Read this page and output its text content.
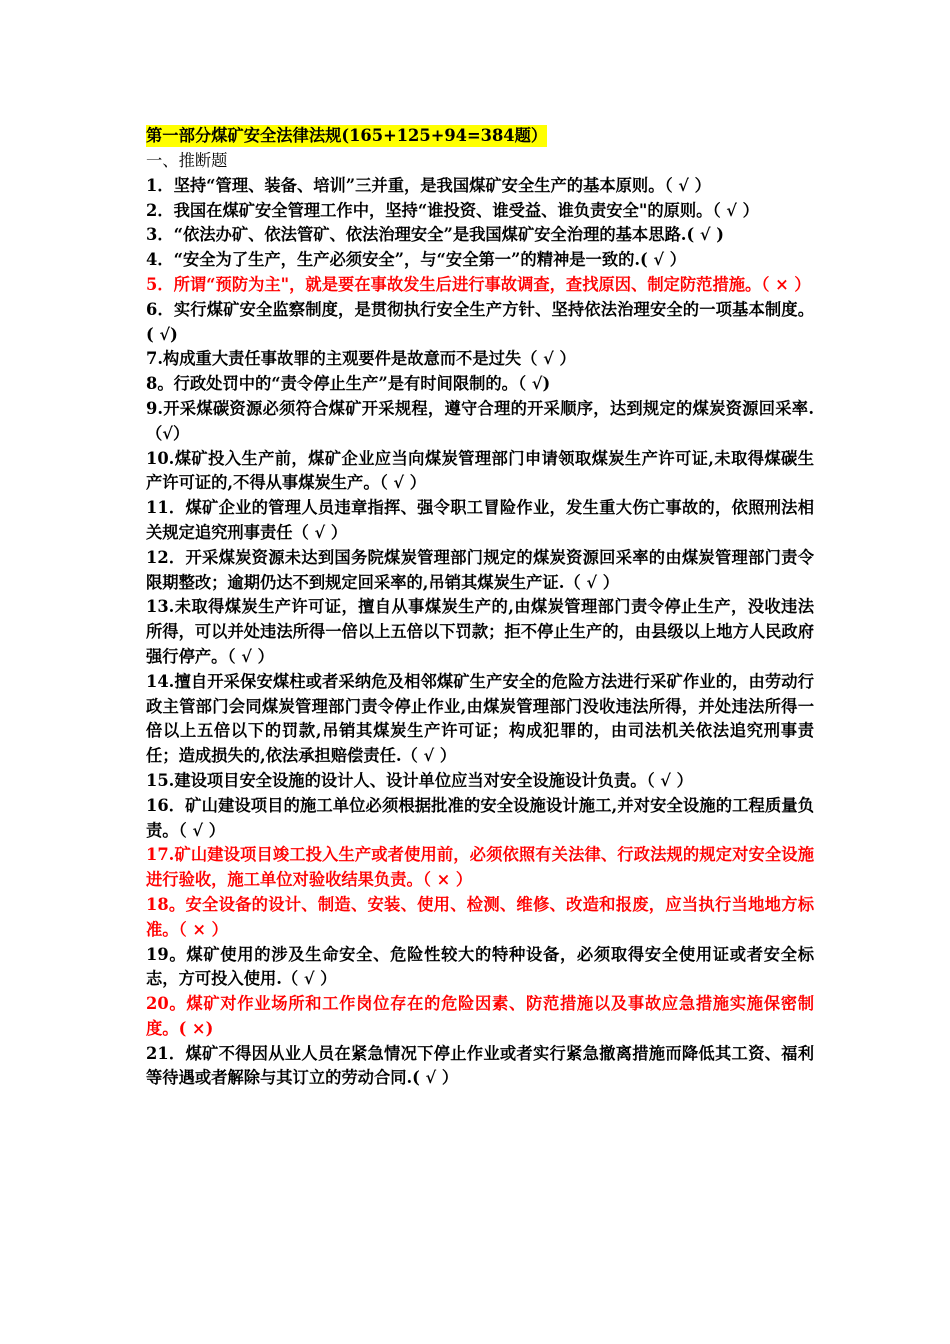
第一部分煤矿安全法律法规(165+125+94=384题）
一、推断题

1．坚持“管理、装备、培训”三并重，是我国煤矿安全生产的基本原则。（ √ ）

2．我国在煤矿安全管理工作中，坚持“谁投资、谁受益、谁负责安全"的原则。（ √ ）

3．“依法办矿、依法管矿、依法治理安全”是我国煤矿安全治理的基本思路.( √ )

4．“安全为了生产，生产必须安全”，与“安全第一”的精神是一致的.( √ ）

5．所谓“预防为主"，就是要在事故发生后进行事故调查，查找原因、制定防范措施。（ × ）

6．实行煤矿安全监察制度，是贯彻执行安全生产方针、坚持依法治理安全的一项基本制度。( √)

7.构成重大责任事故罪的主观要件是故意而不是过失（ √ ）

8。行政处罚中的“责令停止生产”是有时间限制的。（ √)

9.开采煤碳资源必须符合煤矿开采规程，遵守合理的开采顺序，达到规定的煤炭资源回采率.（√）

10.煤矿投入生产前，煤矿企业应当向煤炭管理部门申请领取煤炭生产许可证,未取得煤碳生产许可证的,不得从事煤炭生产。（ √ ）

11．煤矿企业的管理人员违章指挥、强令职工冒险作业，发生重大伤亡事故的，依照刑法相关规定追究刑事责任（ √ ）

12．开采煤炭资源未达到国务院煤炭管理部门规定的煤炭资源回采率的由煤炭管理部门责令限期整改；逾期仍达不到规定回采率的,吊销其煤炭生产证.（ √ ）

13.未取得煤炭生产许可证，擅自从事煤炭生产的,由煤炭管理部门责令停止生产，没收违法所得，可以并处违法所得一倍以上五倍以下罚款；拒不停止生产的，由县级以上地方人民政府强行停产。（ √ ）

14.擅自开采保安煤柱或者采纳危及相邻煤矿生产安全的危险方法进行采矿作业的，由劳动行政主管部门会同煤炭管理部门责令停止作业,由煤炭管理部门没收违法所得，并处违法所得一倍以上五倍以下的罚款,吊销其煤炭生产许可证；构成犯罪的，由司法机关依法追究刑事责任；造成损失的,依法承担赔偿责任.（ √ ）

15.建设项目安全设施的设计人、设计单位应当对安全设施设计负责。（ √ ）

16．矿山建设项目的施工单位必须根据批准的安全设施设计施工,并对安全设施的工程质量负责。（ √ ）

17.矿山建设项目竣工投入生产或者使用前，必须依照有关法律、行政法规的规定对安全设施进行验收，施工单位对验收结果负责。（ × ）

18。安全设备的设计、制造、安装、使用、检测、维修、改造和报废，应当执行当地地方标准。（ × ）

19。煤矿使用的涉及生命安全、危险性较大的特种设备，必须取得安全使用证或者安全标志，方可投入使用.（ √ ）

20。煤矿对作业场所和工作岗位存在的危险因素、防范措施以及事故应急措施实施保密制度。( ×)

21．煤矿不得因从业人员在紧急情况下停止作业或者实行紧急撤离措施而降低其工资、福利等待遇或者解除与其订立的劳动合同.( √ ）
